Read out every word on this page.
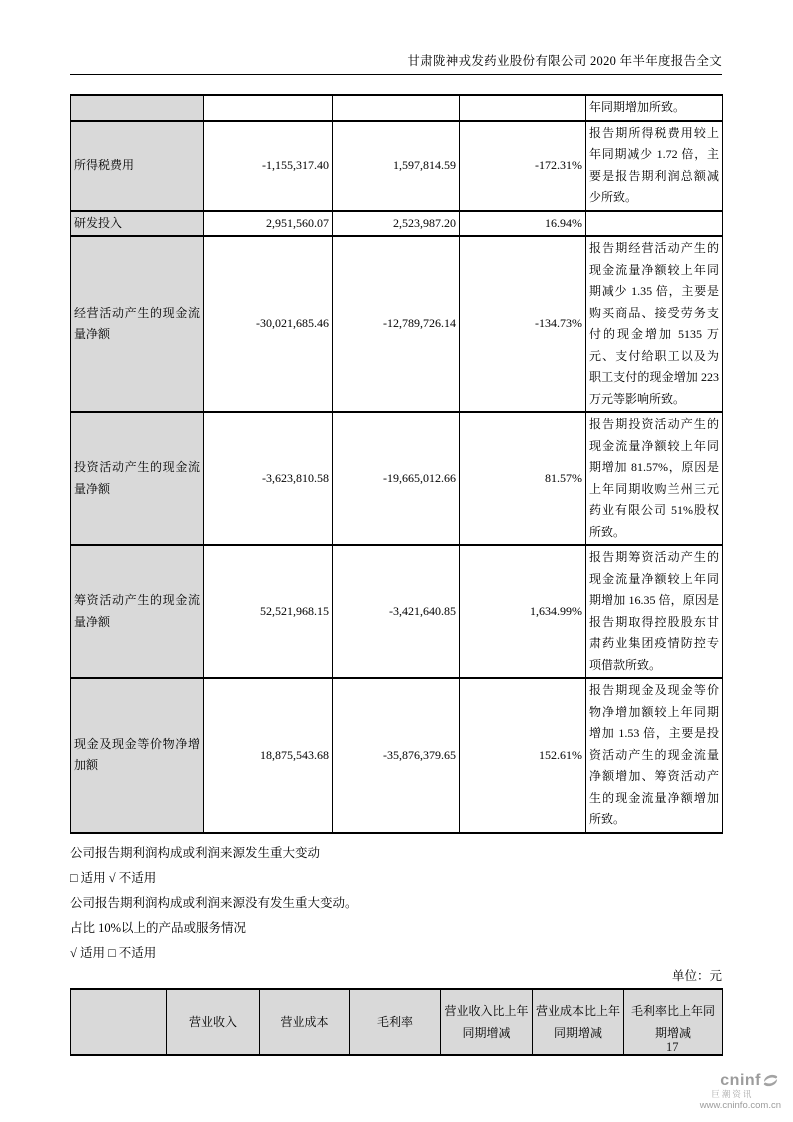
甘肃陇神戎发药业股份有限公司 2020 年半年度报告全文
				年同期增加所致。
所得税费用	-1,155,317.40	1,597,814.59	-172.31%	报告期所得税费用较上年同期减少 1.72 倍，主要是报告期利润总额减少所致。
研发投入	2,951,560.07	2,523,987.20	16.94%	
经营活动产生的现金流量净额	-30,021,685.46	-12,789,726.14	-134.73%	报告期经营活动产生的现金流量净额较上年同期减少 1.35 倍，主要是购买商品、接受劳务支付的现金增加 5135 万元、支付给职工以及为职工支付的现金增加 223 万元等影响所致。
投资活动产生的现金流量净额	-3,623,810.58	-19,665,012.66	81.57%	报告期投资活动产生的现金流量净额较上年同期增加 81.57%，原因是上年同期收购兰州三元药业有限公司 51%股权所致。
筹资活动产生的现金流量净额	52,521,968.15	-3,421,640.85	1,634.99%	报告期筹资活动产生的现金流量净额较上年同期增加 16.35 倍，原因是报告期取得控股股东甘肃药业集团疫情防控专项借款所致。
现金及现金等价物净增加额	18,875,543.68	-35,876,379.65	152.61%	报告期现金及现金等价物净增加额较上年同期增加 1.53 倍，主要是投资活动产生的现金流量净额增加、筹资活动产生的现金流量净额增加所致。

公司报告期利润构成或利润来源发生重大变动

□ 适用 √ 不适用

公司报告期利润构成或利润来源没有发生重大变动。

占比 10%以上的产品或服务情况

√ 适用 □ 不适用

单位：元
	营业收入	营业成本	毛利率	营业收入比上年同期增减	营业成本比上年同期增减	毛利率比上年同期增减
17
cninf
巨潮资讯
www.cninfo.com.cn
